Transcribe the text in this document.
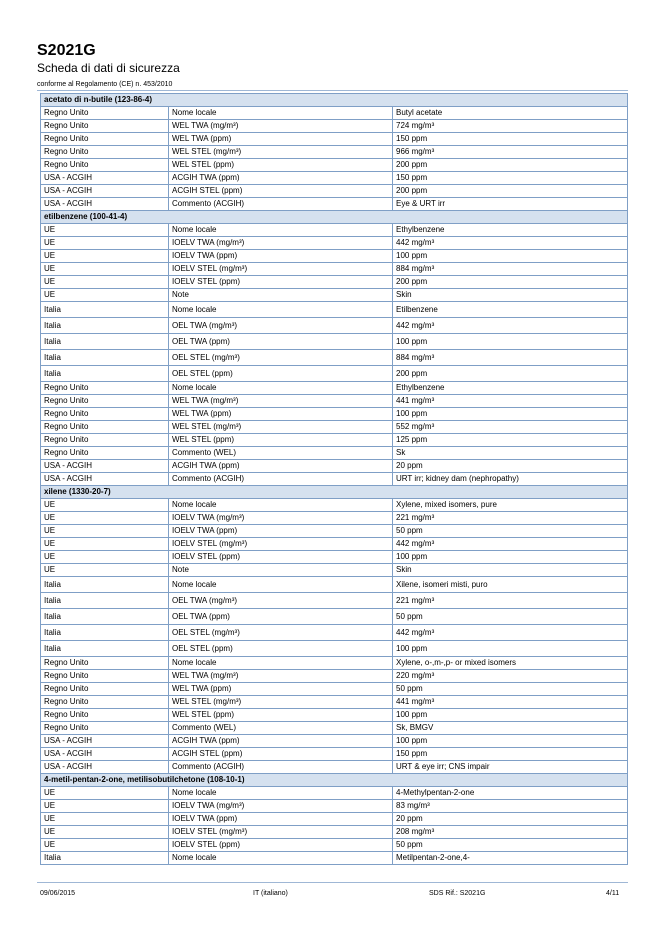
S2021G
Scheda di dati di sicurezza
conforme al Regolamento (CE) n. 453/2010
acetato di n-butile (123-86-4)		
Regno Unito	Nome locale	Butyl acetate
Regno Unito	WEL TWA (mg/m³)	724 mg/m³
Regno Unito	WEL TWA (ppm)	150 ppm
Regno Unito	WEL STEL (mg/m³)	966 mg/m³
Regno Unito	WEL STEL (ppm)	200 ppm
USA - ACGIH	ACGIH TWA (ppm)	150 ppm
USA - ACGIH	ACGIH STEL (ppm)	200 ppm
USA - ACGIH	Commento (ACGIH)	Eye & URT irr
etilbenzene (100-41-4)		
UE	Nome locale	Ethylbenzene
UE	IOELV TWA (mg/m³)	442 mg/m³
UE	IOELV TWA (ppm)	100 ppm
UE	IOELV STEL (mg/m³)	884 mg/m³
UE	IOELV STEL (ppm)	200 ppm
UE	Note	Skin
Italia	Nome locale	Etilbenzene
Italia	OEL TWA (mg/m³)	442 mg/m³
Italia	OEL TWA (ppm)	100 ppm
Italia	OEL STEL (mg/m³)	884 mg/m³
Italia	OEL STEL (ppm)	200 ppm
Regno Unito	Nome locale	Ethylbenzene
Regno Unito	WEL TWA (mg/m³)	441 mg/m³
Regno Unito	WEL TWA (ppm)	100 ppm
Regno Unito	WEL STEL (mg/m³)	552 mg/m³
Regno Unito	WEL STEL (ppm)	125 ppm
Regno Unito	Commento (WEL)	Sk
USA - ACGIH	ACGIH TWA (ppm)	20 ppm
USA - ACGIH	Commento (ACGIH)	URT irr; kidney dam (nephropathy)
xilene (1330-20-7)		
UE	Nome locale	Xylene, mixed isomers, pure
UE	IOELV TWA (mg/m³)	221 mg/m³
UE	IOELV TWA (ppm)	50 ppm
UE	IOELV STEL (mg/m³)	442 mg/m³
UE	IOELV STEL (ppm)	100 ppm
UE	Note	Skin
Italia	Nome locale	Xilene, isomeri misti, puro
Italia	OEL TWA (mg/m³)	221 mg/m³
Italia	OEL TWA (ppm)	50 ppm
Italia	OEL STEL (mg/m³)	442 mg/m³
Italia	OEL STEL (ppm)	100 ppm
Regno Unito	Nome locale	Xylene, o-,m-,p- or mixed isomers
Regno Unito	WEL TWA (mg/m³)	220 mg/m³
Regno Unito	WEL TWA (ppm)	50 ppm
Regno Unito	WEL STEL (mg/m³)	441 mg/m³
Regno Unito	WEL STEL (ppm)	100 ppm
Regno Unito	Commento (WEL)	Sk, BMGV
USA - ACGIH	ACGIH TWA (ppm)	100 ppm
USA - ACGIH	ACGIH STEL (ppm)	150 ppm
USA - ACGIH	Commento (ACGIH)	URT & eye irr; CNS impair
4-metil-pentan-2-one, metilisobutilchetone (108-10-1)		
UE	Nome locale	4-Methylpentan-2-one
UE	IOELV TWA (mg/m³)	83 mg/m³
UE	IOELV TWA (ppm)	20 ppm
UE	IOELV STEL (mg/m³)	208 mg/m³
UE	IOELV STEL (ppm)	50 ppm
Italia	Nome locale	Metilpentan-2-one,4-
09/06/2015	IT (italiano)	SDS Rif.: S2021G	4/11
